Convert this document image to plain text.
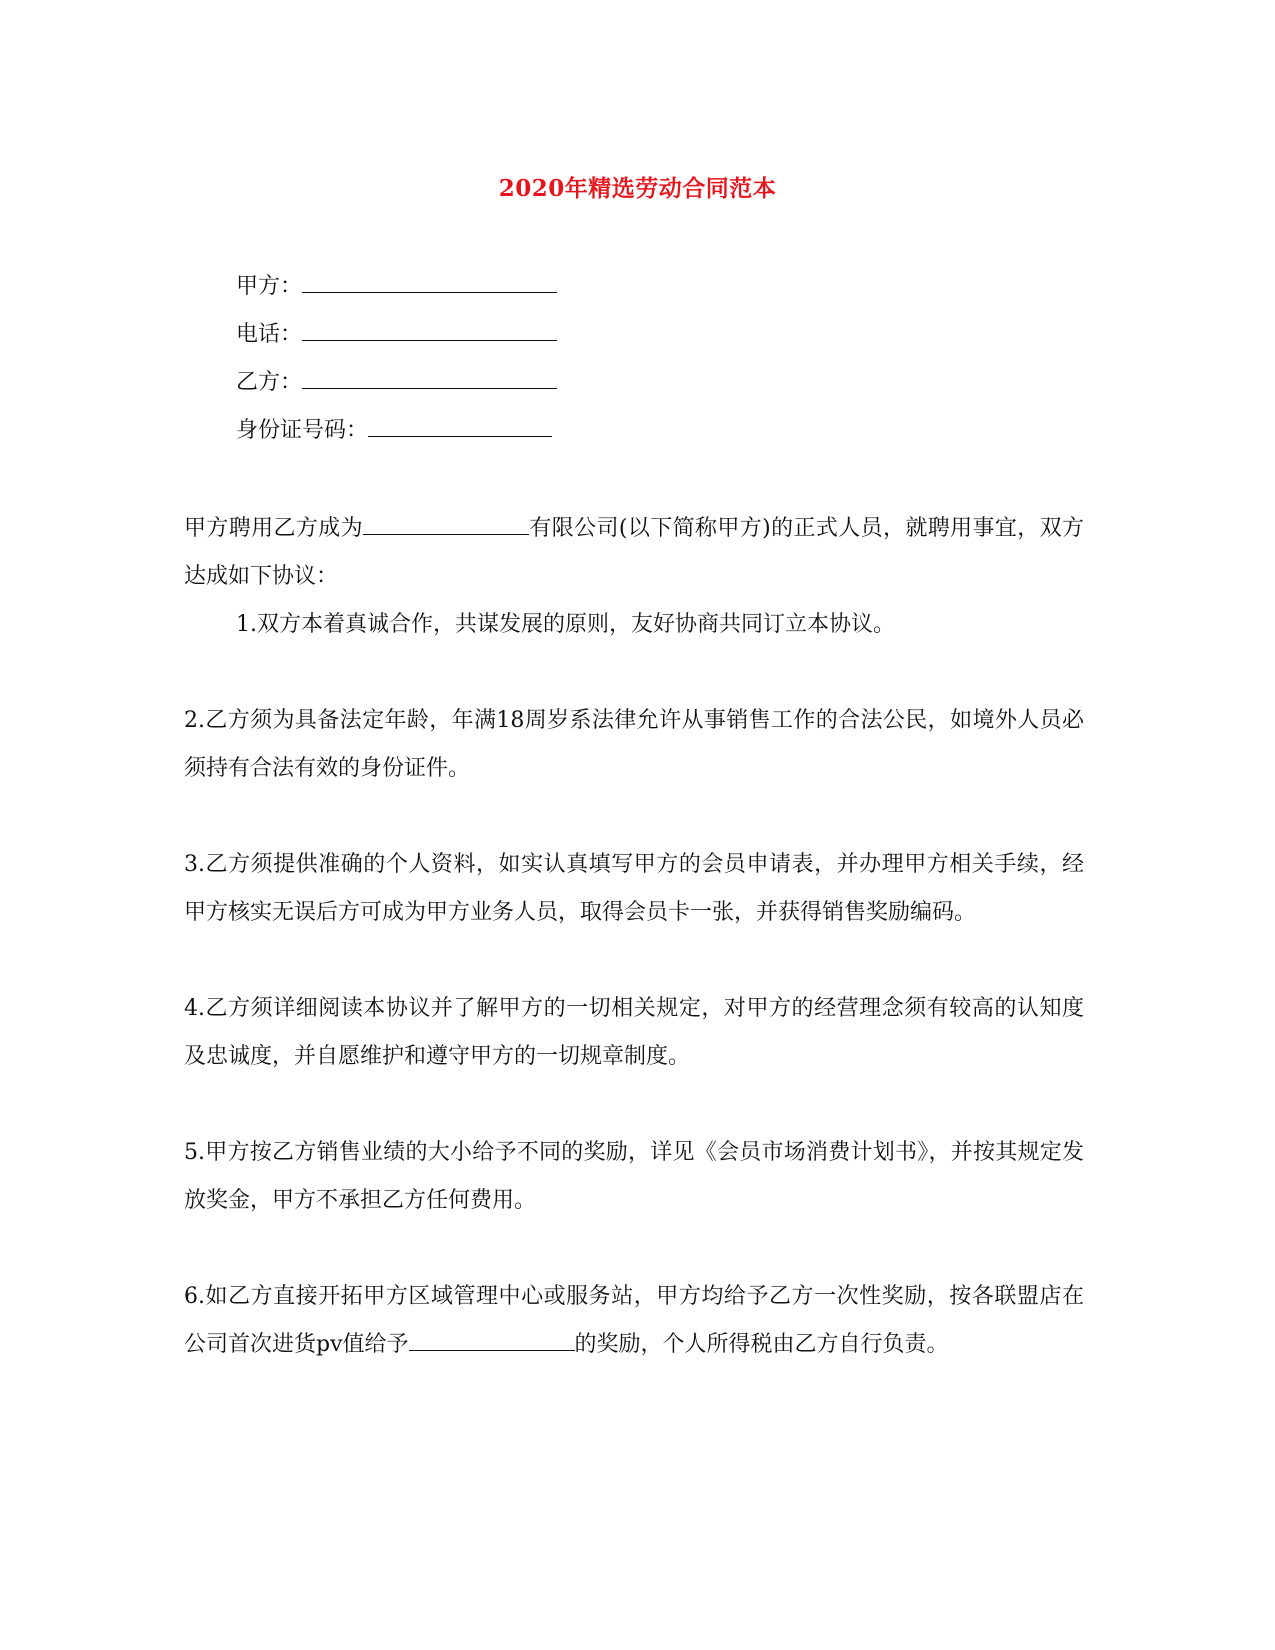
2020年精选劳动合同范本
甲方：
电话：
乙方：
身份证号码：

甲方聘用乙方成为	有限公司(以下简称甲方)的正式人员，就聘用事宜，双方达成如下协议：

1.双方本着真诚合作，共谋发展的原则，友好协商共同订立本协议。

2.乙方须为具备法定年龄，年满18周岁系法律允许从事销售工作的合法公民，如境外人员必须持有合法有效的身份证件。

3.乙方须提供准确的个人资料，如实认真填写甲方的会员申请表，并办理甲方相关手续，经甲方核实无误后方可成为甲方业务人员，取得会员卡一张，并获得销售奖励编码。

4.乙方须详细阅读本协议并了解甲方的一切相关规定，对甲方的经营理念须有较高的认知度及忠诚度，并自愿维护和遵守甲方的一切规章制度。

5.甲方按乙方销售业绩的大小给予不同的奖励，详见《会员市场消费计划书》，并按其规定发放奖金，甲方不承担乙方任何费用。

6.如乙方直接开拓甲方区域管理中心或服务站，甲方均给予乙方一次性奖励，按各联盟店在公司首次进货pv值给予	的奖励，个人所得税由乙方自行负责。
